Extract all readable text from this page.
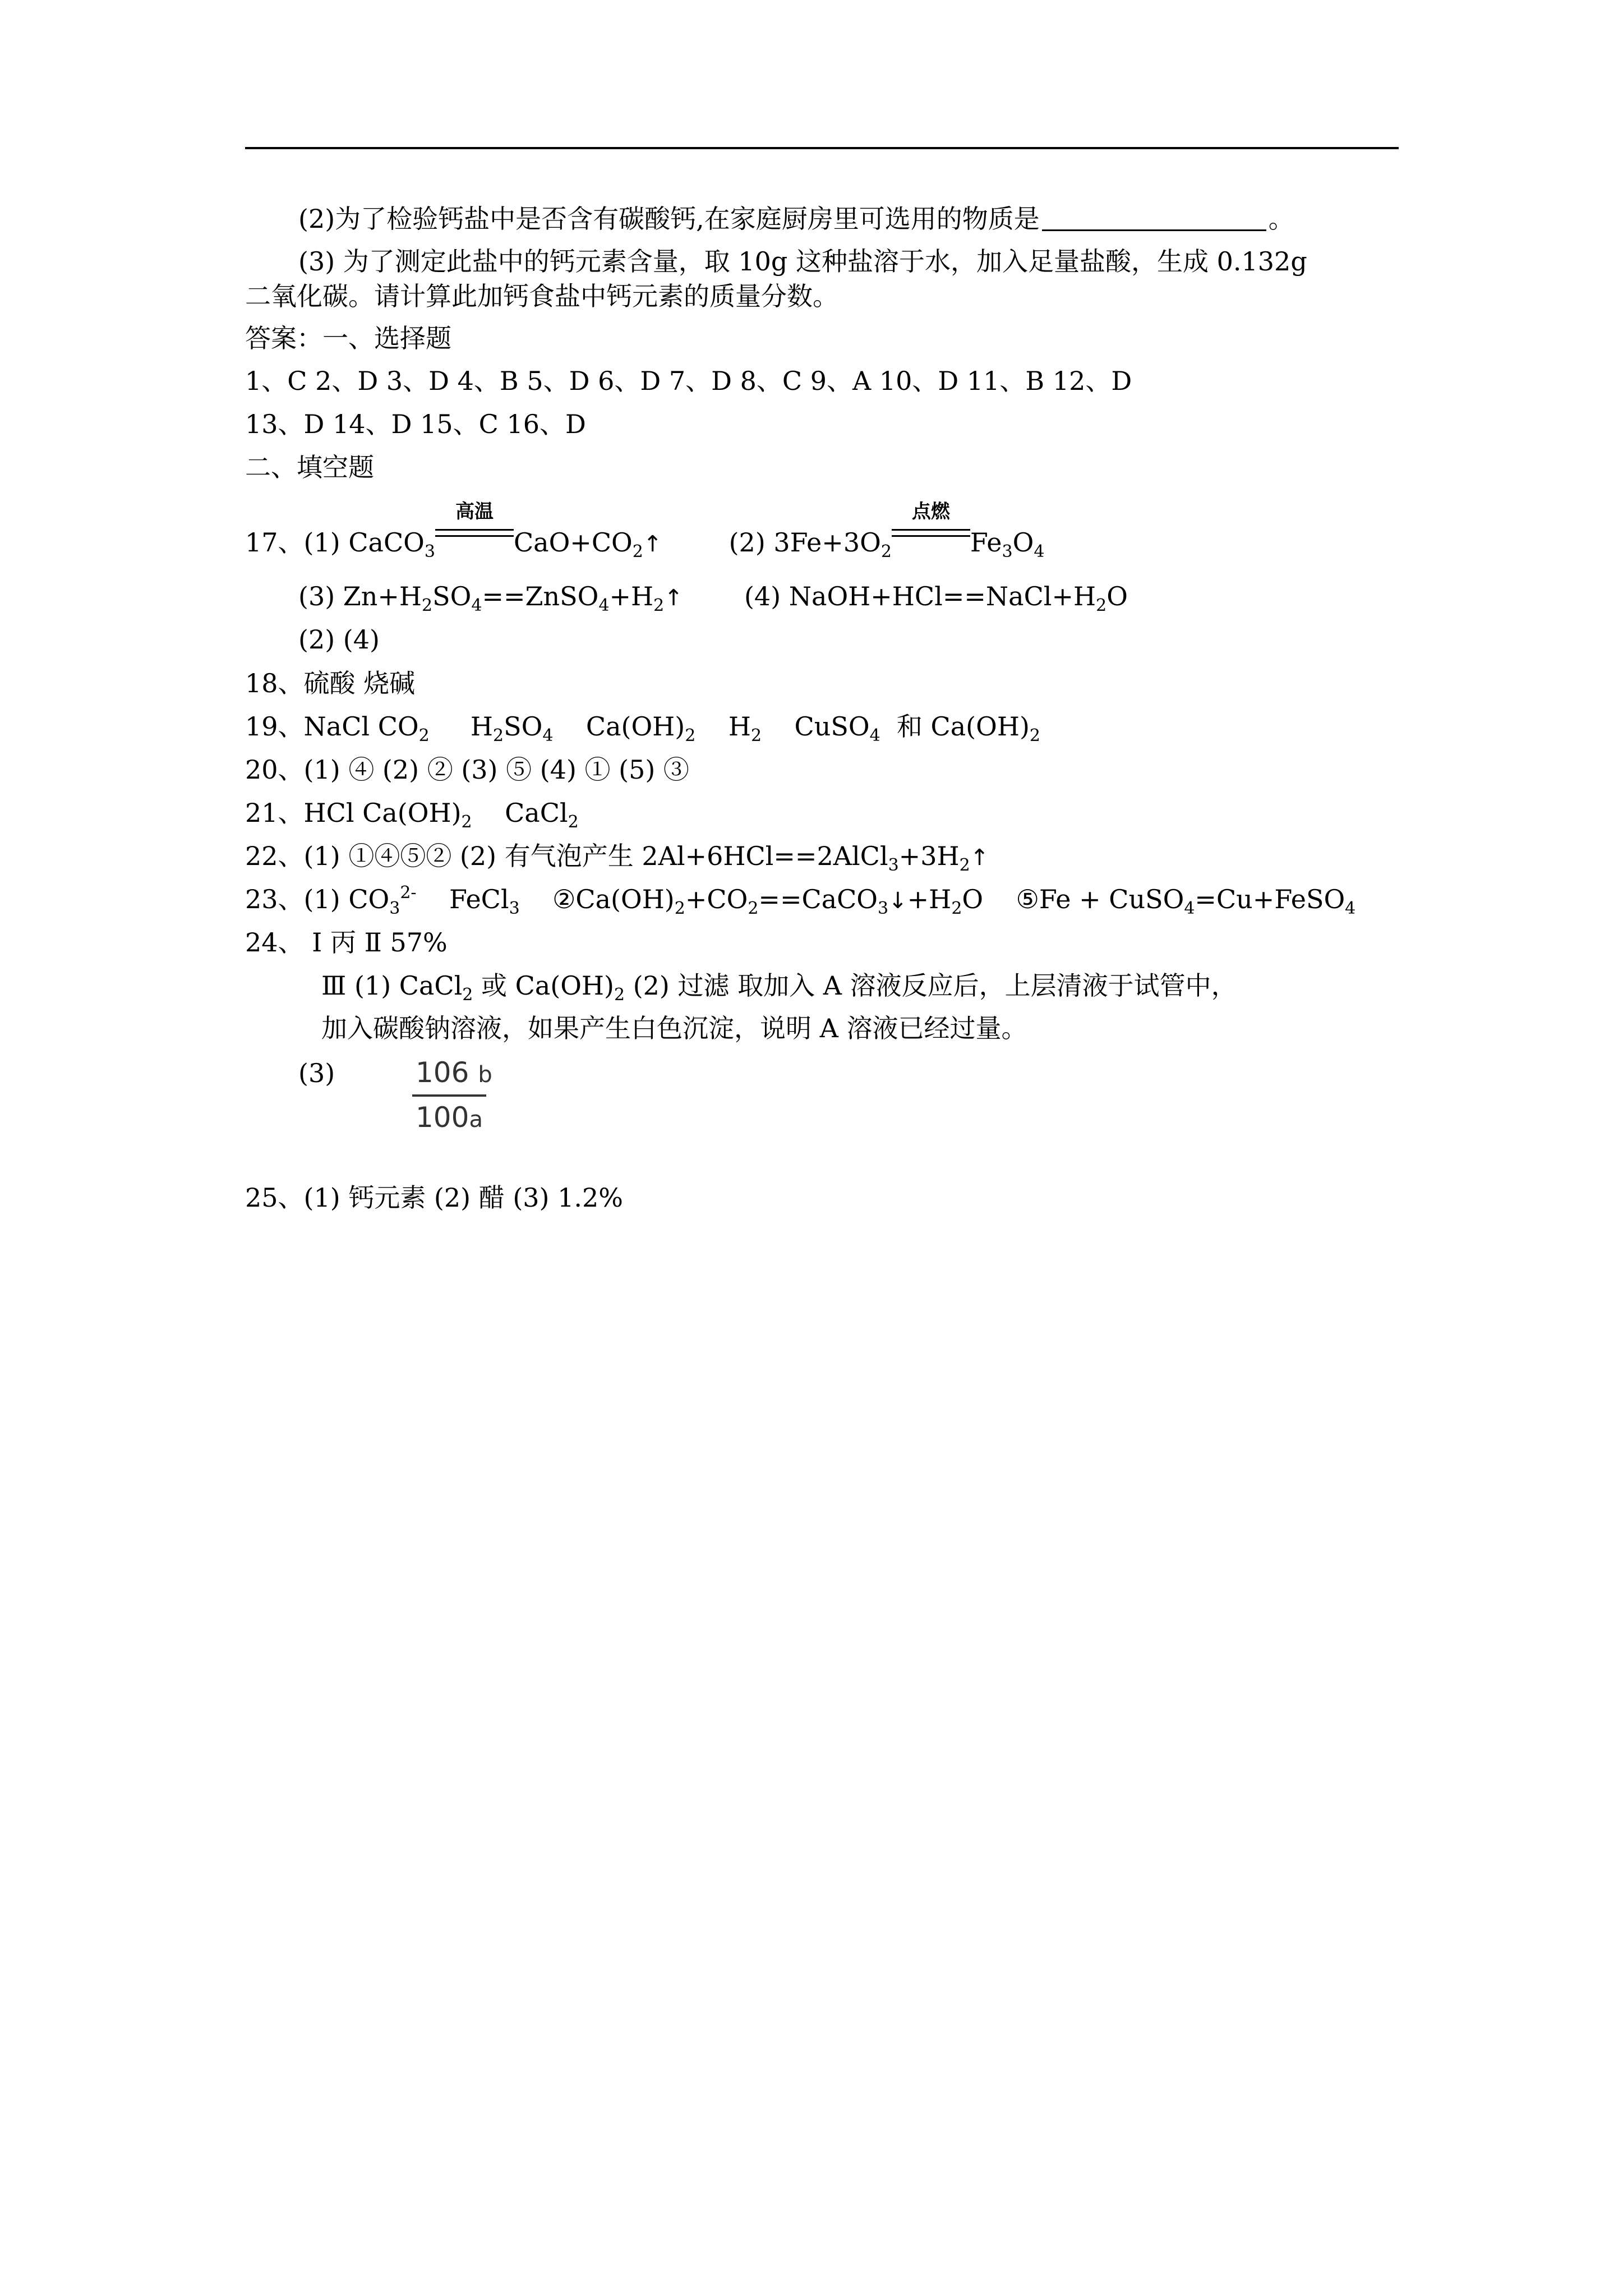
(2)为了检验钙盐中是否含有碳酸钙,在家庭厨房里可选用的物质是	。
(3) 为了测定此盐中的钙元素含量，取 10g 这种盐溶于水，加入足量盐酸，生成 0.132g
二氧化碳。请计算此加钙食盐中钙元素的质量分数。
答案：一、选择题
1、C 2、D 3、D 4、B 5、D 6、D 7、D 8、C 9、A 10、D 11、B 12、D
13、D 14、D 15、C 16、D
二、填空题
17、(1) CaCO$_3$
高温
$CaO+CO_2↑$	(2) $3Fe+3O_2$
点燃
$Fe_3O_4$
(3) $Zn+H_2SO_4==ZnSO_4+H_2↑$ (4) $NaOH+HCl==NaCl+H_2O$
(2) (4)
18、硫酸 烧碱
19、NaCl $CO_2$     $H_2SO_4$    $Ca(OH)_2$    $H_2$    CuSO$_4$  和 $Ca(OH)_2$
20、(1) ④ (2) ② (3) ⑤ (4) ① (5) ③
21、HCl $Ca(OH)_2$    CaCl$_2$
22、(1) ①④⑤② (2) 有气泡产生 $2Al+6HCl==2AlCl_3+3H_2↑$
23、(1) $CO_3^{2-}$    FeCl$_3$    $②Ca(OH)_2+CO_2==CaCO_3↓+H_2O$    ⑤Fe + CuSO$_4$=Cu+FeSO$_4$
24、 Ⅰ 丙 Ⅱ 57%
Ⅲ (1) CaCl$_2$ 或 $Ca(OH)_2$ (2) 过滤 取加入 A 溶液反应后，上层清液于试管中，
加入碳酸钠溶液，如果产生白色沉淀，说明 A 溶液已经过量。
(3)	106 b
100a
25、(1) 钙元素 (2) 醋 (3) 1.2%
